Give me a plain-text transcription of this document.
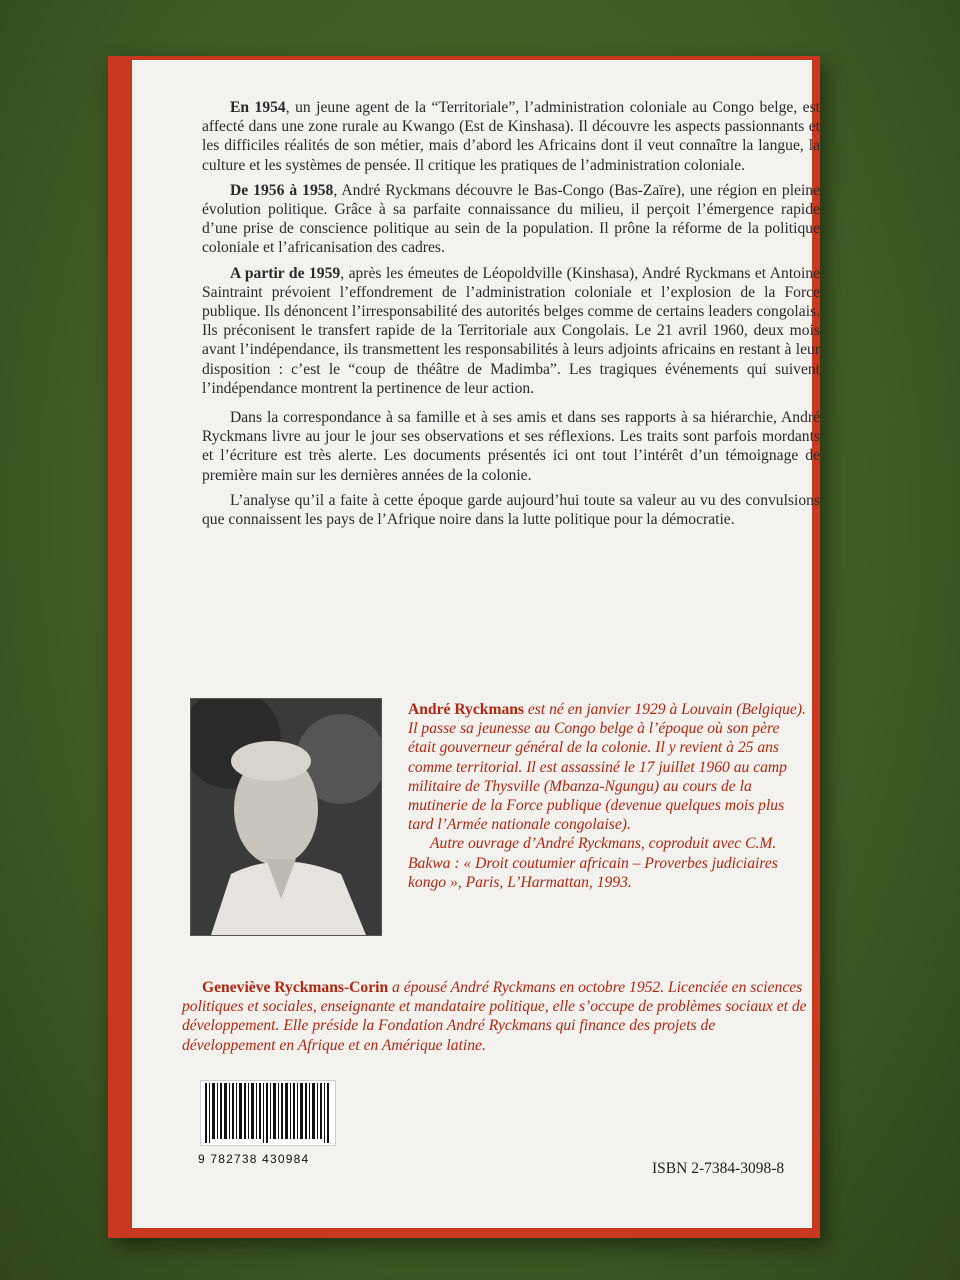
En 1954, un jeune agent de la “Territoriale”, l’administration coloniale au Congo belge, est affecté dans une zone rurale au Kwango (Est de Kinshasa). Il découvre les aspects passionnants et les difficiles réalités de son métier, mais d’abord les Africains dont il veut connaître la langue, la culture et les systèmes de pensée. Il critique les pratiques de l’administration coloniale.

De 1956 à 1958, André Ryckmans découvre le Bas-Congo (Bas-Zaïre), une région en pleine évolution politique. Grâce à sa parfaite connaissance du milieu, il perçoit l’émergence rapide d’une prise de conscience politique au sein de la population. Il prône la réforme de la politique coloniale et l’africanisation des cadres.

A partir de 1959, après les émeutes de Léopoldville (Kinshasa), André Ryckmans et Antoine Saintraint prévoient l’effondrement de l’administration coloniale et l’explosion de la Force publique. Ils dénoncent l’irresponsabilité des autorités belges comme de certains leaders congolais. Ils préconisent le transfert rapide de la Territoriale aux Congolais. Le 21 avril 1960, deux mois avant l’indépendance, ils transmettent les responsabilités à leurs adjoints africains en restant à leur disposition : c’est le “coup de théâtre de Madimba”. Les tragiques événements qui suivent l’indépendance montrent la pertinence de leur action.

Dans la correspondance à sa famille et à ses amis et dans ses rapports à sa hiérarchie, André Ryckmans livre au jour le jour ses observations et ses réflexions. Les traits sont parfois mordants et l’écriture est très alerte. Les documents présentés ici ont tout l’intérêt d’un témoignage de première main sur les dernières années de la colonie.

L’analyse qu’il a faite à cette époque garde aujourd’hui toute sa valeur au vu des convulsions que connaissent les pays de l’Afrique noire dans la lutte politique pour la démocratie.

André Ryckmans est né en janvier 1929 à Louvain (Belgique). Il passe sa jeunesse au Congo belge à l’époque où son père était gouverneur général de la colonie. Il y revient à 25 ans comme territorial. Il est assassiné le 17 juillet 1960 au camp militaire de Thysville (Mbanza-Ngungu) au cours de la mutinerie de la Force publique (devenue quelques mois plus tard l’Armée nationale congolaise).
Autre ouvrage d’André Ryckmans, coproduit avec C.M. Bakwa : « Droit coutumier africain – Proverbes judiciaires kongo », Paris, L’Harmattan, 1993.
Geneviève Ryckmans-Corin a épousé André Ryckmans en octobre 1952. Licenciée en sciences politiques et sociales, enseignante et mandataire politique, elle s’occupe de problèmes sociaux et de développement. Elle préside la Fondation André Ryckmans qui finance des projets de développement en Afrique et en Amérique latine.
9 782738 430984
ISBN 2-7384-3098-8
